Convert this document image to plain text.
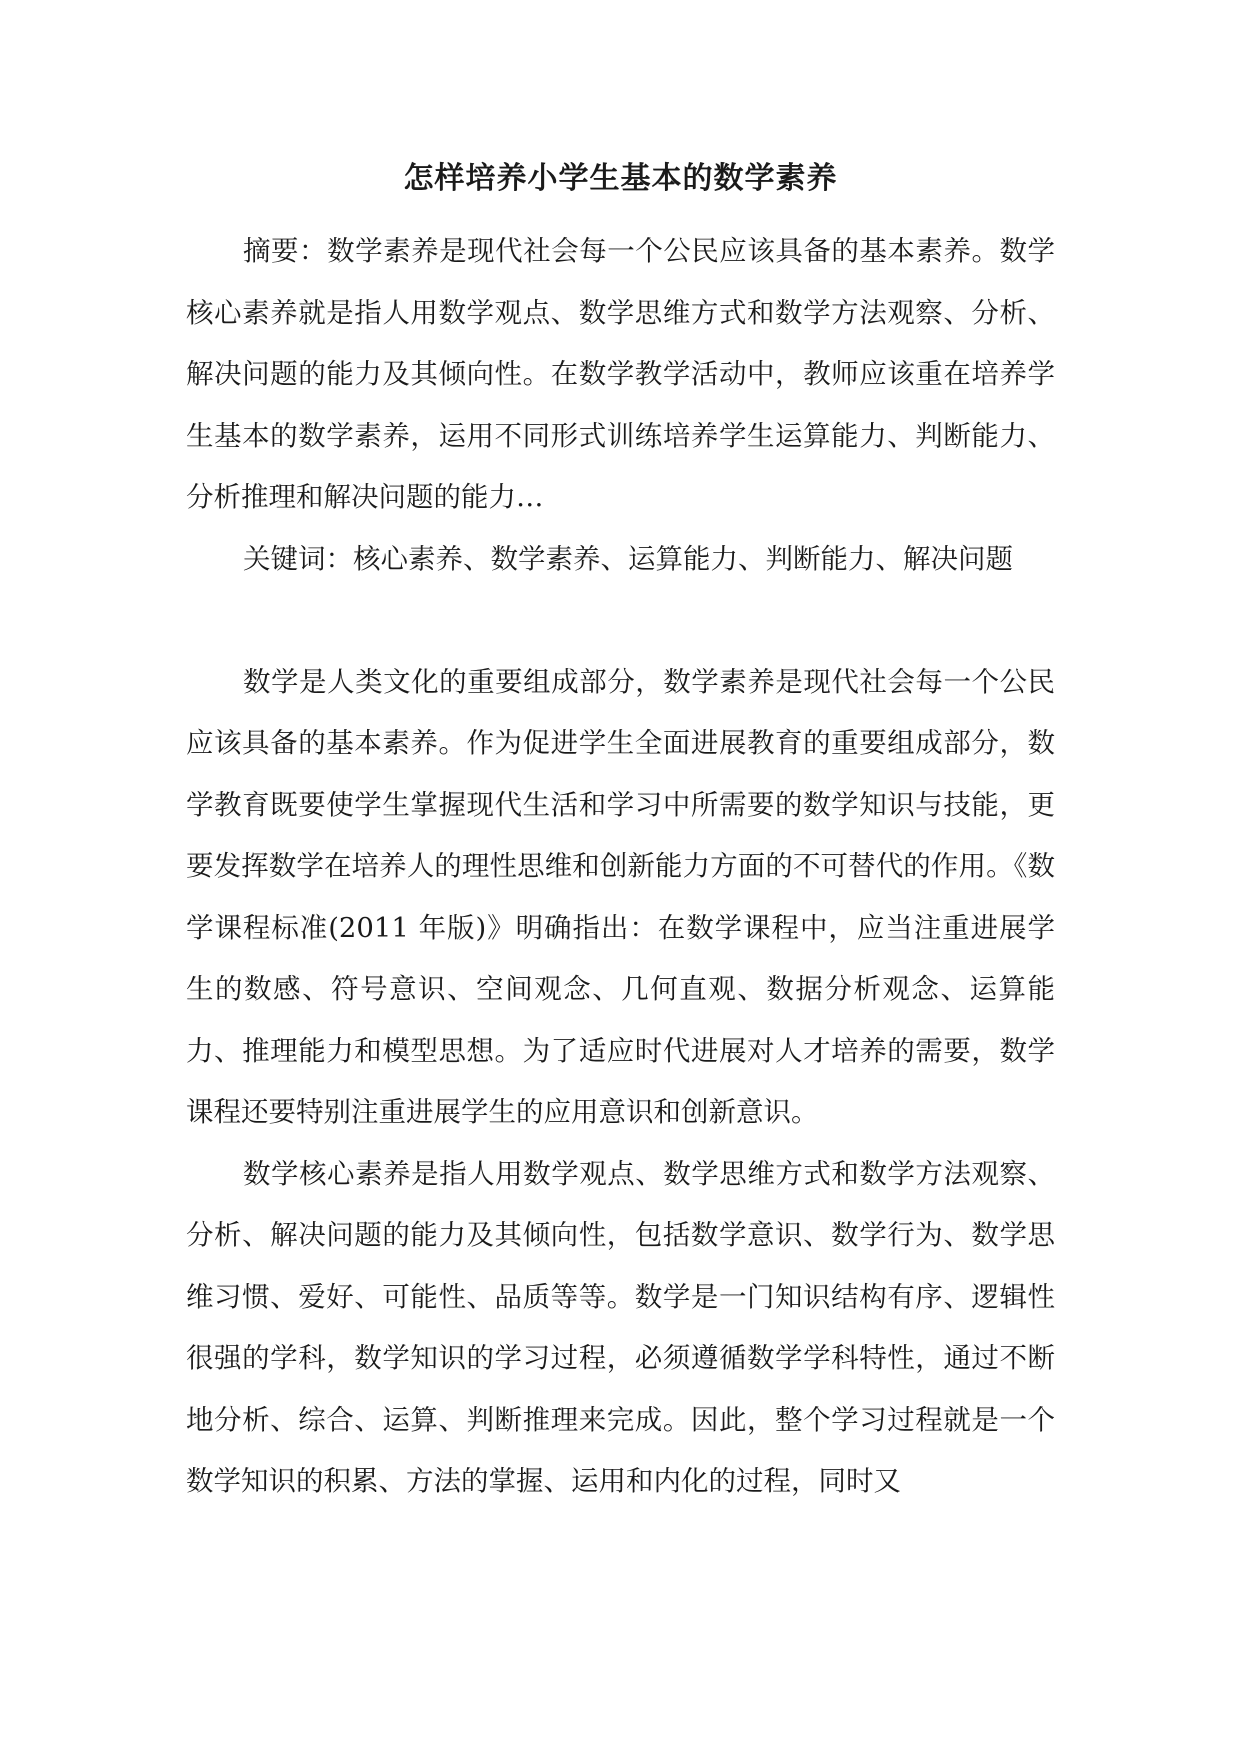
怎样培养小学生基本的数学素养

摘要：数学素养是现代社会每一个公民应该具备的基本素养。数学核心素养就是指人用数学观点、数学思维方式和数学方法观察、分析、解决问题的能力及其倾向性。在数学教学活动中，教师应该重在培养学生基本的数学素养，运用不同形式训练培养学生运算能力、判断能力、分析推理和解决问题的能力…

关键词：核心素养、数学素养、运算能力、判断能力、解决问题

数学是人类文化的重要组成部分，数学素养是现代社会每一个公民应该具备的基本素养。作为促进学生全面进展教育的重要组成部分，数学教育既要使学生掌握现代生活和学习中所需要的数学知识与技能，更要发挥数学在培养人的理性思维和创新能力方面的不可替代的作用。《数学课程标准(2011 年版)》明确指出：在数学课程中，应当注重进展学生的数感、符号意识、空间观念、几何直观、数据分析观念、运算能力、推理能力和模型思想。为了适应时代进展对人才培养的需要，数学课程还要特别注重进展学生的应用意识和创新意识。

数学核心素养是指人用数学观点、数学思维方式和数学方法观察、分析、解决问题的能力及其倾向性，包括数学意识、数学行为、数学思维习惯、爱好、可能性、品质等等。数学是一门知识结构有序、逻辑性很强的学科，数学知识的学习过程，必须遵循数学学科特性，通过不断地分析、综合、运算、判断推理来完成。因此，整个学习过程就是一个数学知识的积累、方法的掌握、运用和内化的过程，同时又
